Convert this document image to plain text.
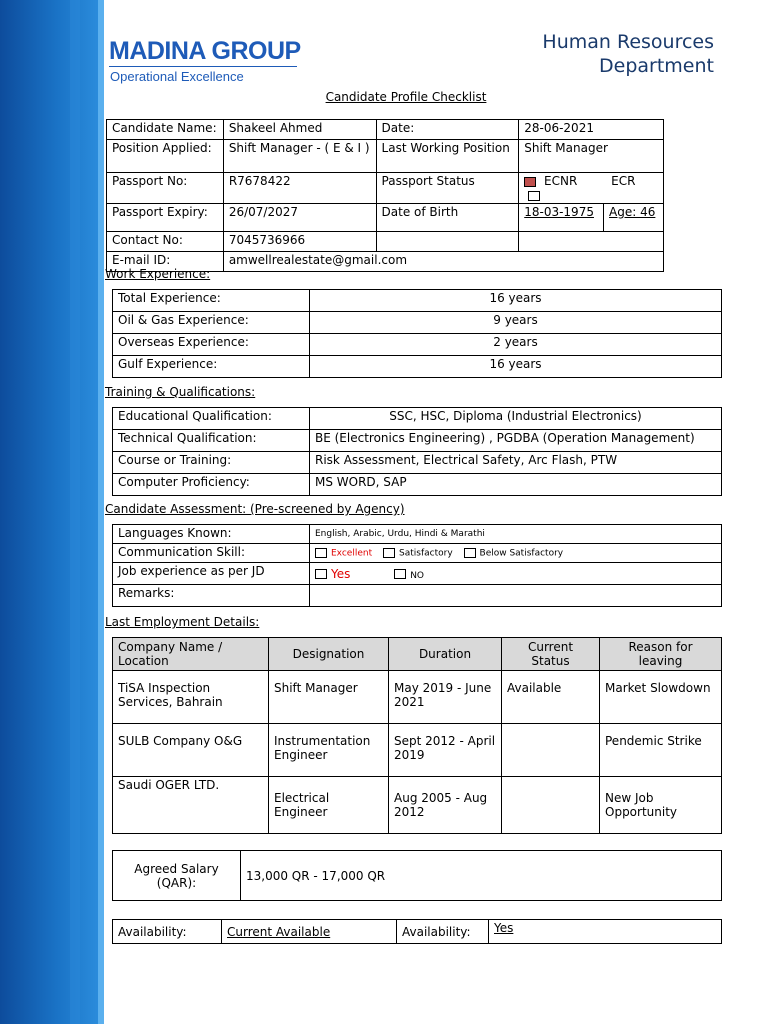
MADINA GROUP
Operational Excellence
Human Resources
Department
Candidate Profile Checklist
Candidate Name:	Shakeel Ahmed	Date:	28-06-2021	
Position Applied:	Shift Manager - ( E & I )	Last Working Position	Shift Manager	
Passport No:	R7678422	Passport Status	ECNR ECR	
Passport Expiry:	26/07/2027	Date of Birth	18-03-1975	Age: 46
Contact No:	7045736966			
E-mail ID:	amwellrealestate@gmail.com			
Work Experience:
Total Experience:	16 years
Oil & Gas Experience:	9 years
Overseas Experience:	2 years
Gulf Experience:	16 years
Training & Qualifications:
Educational Qualification:	SSC, HSC, Diploma (Industrial Electronics)
Technical Qualification:	BE (Electronics Engineering) , PGDBA (Operation Management)
Course or Training:	Risk Assessment, Electrical Safety, Arc Flash, PTW
Computer Proficiency:	MS WORD, SAP
Candidate Assessment: (Pre-screened by Agency)
Languages Known:	English, Arabic, Urdu, Hindi & Marathi
Communication Skill:	Excellent Satisfactory Below Satisfactory
Job experience as per JD	Yes NO
Remarks:	
Last Employment Details:
Company Name / Location	Designation	Duration	Current Status	Reason for leaving
TiSA Inspection Services, Bahrain	Shift Manager	May 2019 - June 2021	Available	Market Slowdown
SULB Company O&G	Instrumentation Engineer	Sept 2012 - April 2019		Pendemic Strike
Saudi OGER LTD.	Electrical Engineer	Aug 2005 - Aug 2012		New Job Opportunity
Agreed Salary (QAR):	13,000 QR - 17,000 QR
Availability:	Current Available	Availability:	Yes
